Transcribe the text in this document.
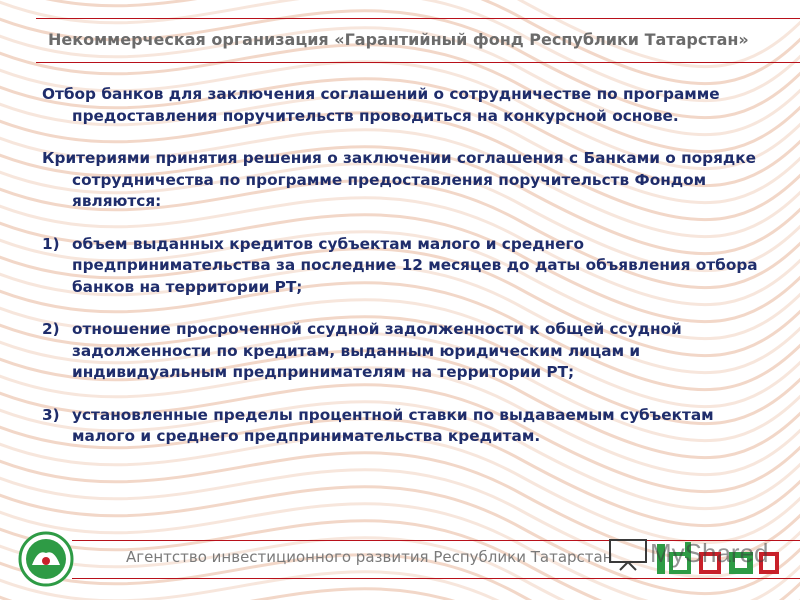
Некоммерческая организация «Гарантийный фонд Республики Татарстан»

Отбор банков для заключения соглашений о сотрудничестве по программе предоставления поручительств проводиться на конкурсной основе.

Критериями принятия решения о заключении соглашения с Банками о порядке сотрудничества по программе предоставления поручительств Фондом являются:

1) объем выданных кредитов субъектам малого и среднего предпринимательства за последние 12 месяцев до даты объявления отбора банков на территории РТ;
2) отношение просроченной ссудной задолженности к общей ссудной задолженности по кредитам, выданным юридическим лицам и индивидуальным предпринимателям на территории РТ;
3) установленные пределы процентной ставки по выдаваемым субъектам малого и среднего предпринимательства кредитам.
Агентство инвестиционного развития Республики Татарстан MyShared
